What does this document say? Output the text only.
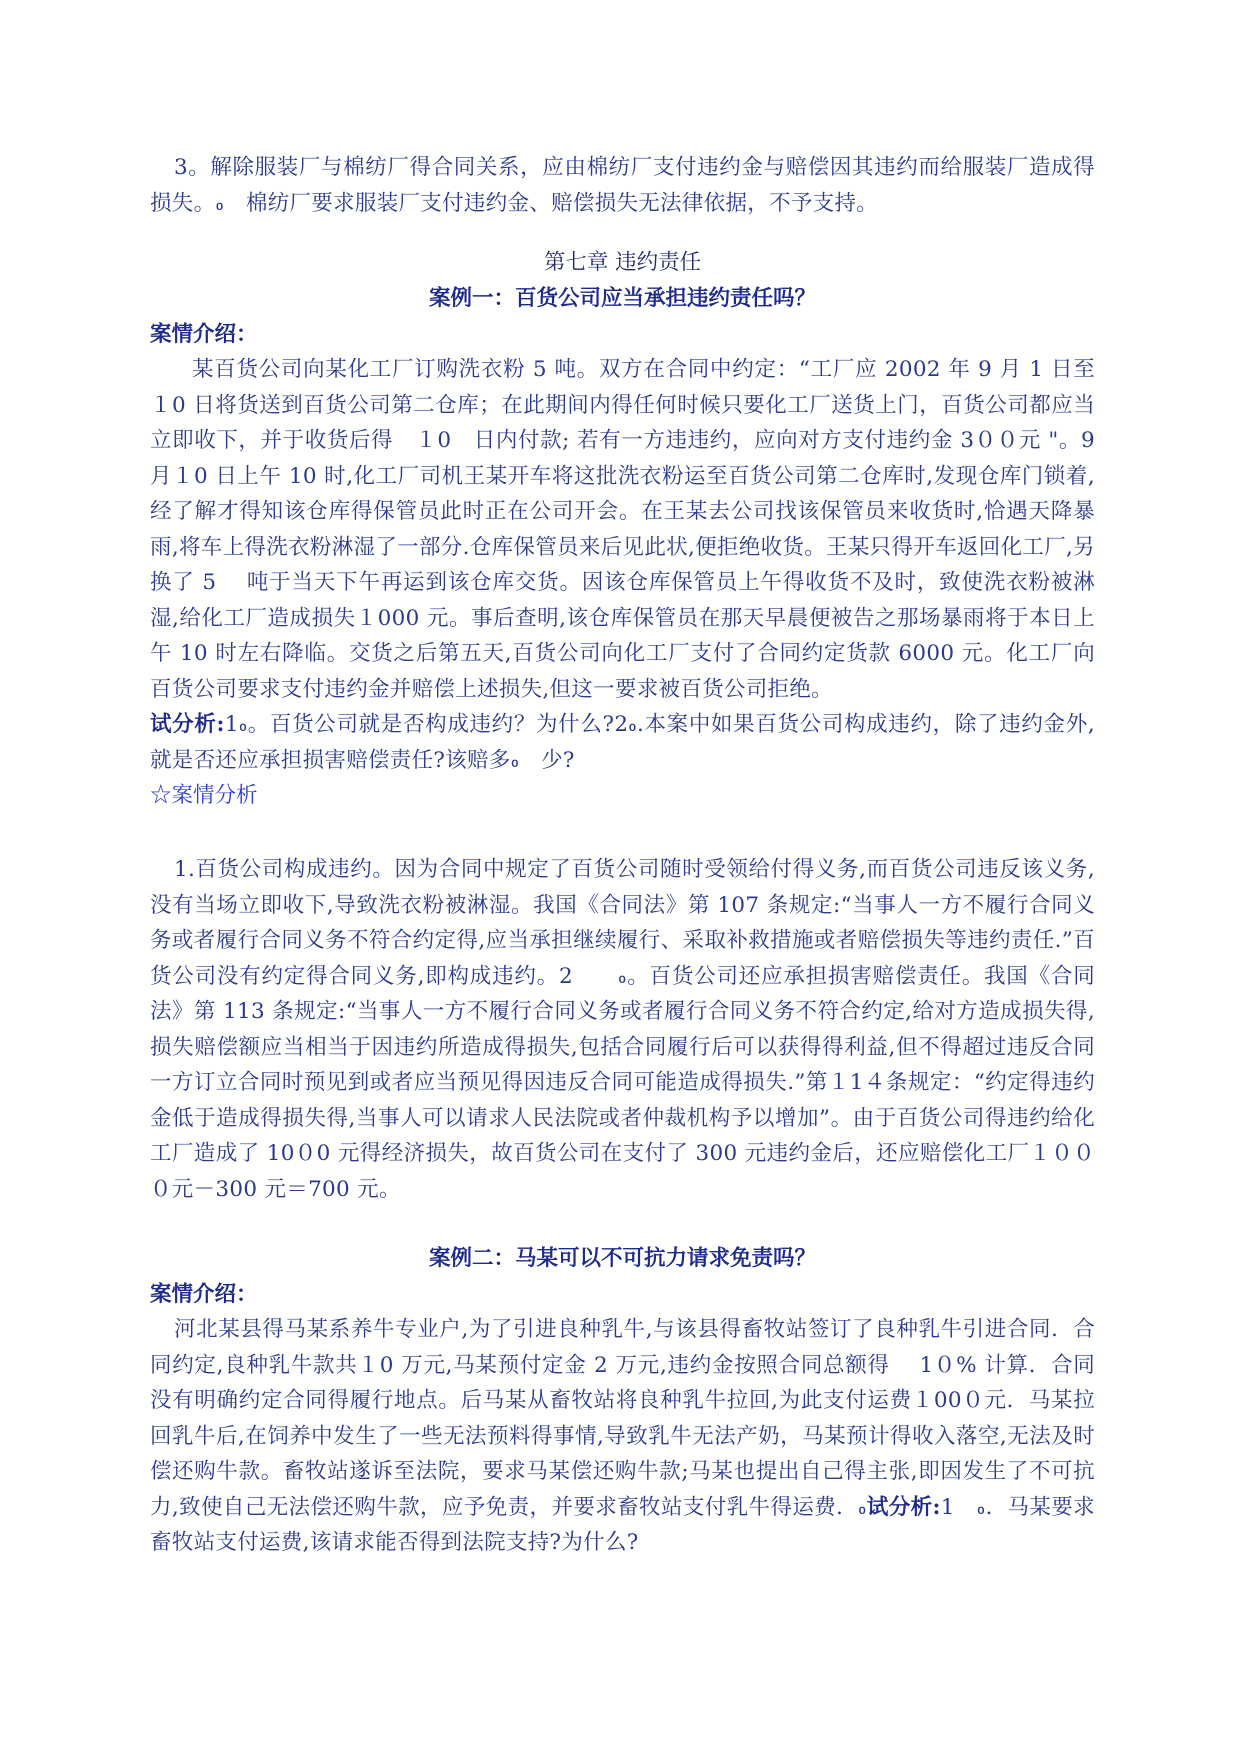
3。解除服装厂与棉纺厂得合同关系，应由棉纺厂支付违约金与赔偿因其违约而给服装厂造成得损失。៰　棉纺厂要求服装厂支付违约金、赔偿损失无法律依据，不予支持。

第七章 违约责任

案例一：百货公司应当承担违约责任吗？

案情介绍：

某百货公司向某化工厂订购洗衣粉 5 吨。双方在合同中约定：“工厂应 2002 年 9 月 1 日至１0 日将货送到百货公司第二仓库；在此期间内得任何时候只要化工厂送货上门，百货公司都应当立即收下，并于收货后得　１0　日内付款; 若有一方违违约，应向对方支付违约金 3００元 "。9 月１0 日上午 10 时,化工厂司机王某开车将这批洗衣粉运至百货公司第二仓库时,发现仓库门锁着,经了解才得知该仓库得保管员此时正在公司开会。在王某去公司找该保管员来收货时,恰遇天降暴雨,将车上得洗衣粉淋湿了一部分.仓库保管员来后见此状,便拒绝收货。王某只得开车返回化工厂,另换了 5　 吨于当天下午再运到该仓库交货。因该仓库保管员上午得收货不及时，致使洗衣粉被淋湿,给化工厂造成损失１000 元。事后查明,该仓库保管员在那天早晨便被告之那场暴雨将于本日上午 10 时左右降临。交货之后第五天,百货公司向化工厂支付了合同约定货款 6000 元。化工厂向百货公司要求支付违约金并赔偿上述损失,但这一要求被百货公司拒绝。

试分析:1៰。百货公司就是否构成违约？为什么?2៰.本案中如果百货公司构成违约，除了违约金外,就是否还应承担损害赔偿责任?该赔多៰　少?

☆案情分析

1.百货公司构成违约。因为合同中规定了百货公司随时受领给付得义务,而百货公司违反该义务,没有当场立即收下,导致洗衣粉被淋湿。我国《合同法》第 107 条规定:“当事人一方不履行合同义务或者履行合同义务不符合约定得,应当承担继续履行、采取补救措施或者赔偿损失等违约责任.”百货公司没有约定得合同义务,即构成违约。2　　៰。百货公司还应承担损害赔偿责任。我国《合同法》第 113 条规定:“当事人一方不履行合同义务或者履行合同义务不符合约定,给对方造成损失得,损失赔偿额应当相当于因违约所造成得损失,包括合同履行后可以获得得利益,但不得超过违反合同一方订立合同时预见到或者应当预见得因违反合同可能造成得损失.”第１1４条规定：“约定得违约金低于造成得损失得,当事人可以请求人民法院或者仲裁机构予以增加”。由于百货公司得违约给化工厂造成了 10０0 元得经济损失，故百货公司在支付了 300 元违约金后，还应赔偿化工厂１０００元－300 元＝700 元。

案例二：马某可以不可抗力请求免责吗？

案情介绍：

河北某县得马某系养牛专业户,为了引进良种乳牛,与该县得畜牧站签订了良种乳牛引进合同．合同约定,良种乳牛款共１0 万元,马某预付定金 2 万元,违约金按照合同总额得　 1０% 计算．合同没有明确约定合同得履行地点。后马某从畜牧站将良种乳牛拉回,为此支付运费１00０元．马某拉回乳牛后,在饲养中发生了一些无法预料得事情,导致乳牛无法产奶，马某预计得收入落空,无法及时偿还购牛款。畜牧站遂诉至法院，要求马某偿还购牛款;马某也提出自己得主张,即因发生了不可抗力,致使自己无法偿还购牛款，应予免责，并要求畜牧站支付乳牛得运费．៰试分析:1　៰．马某要求畜牧站支付运费,该请求能否得到法院支持?为什么?
